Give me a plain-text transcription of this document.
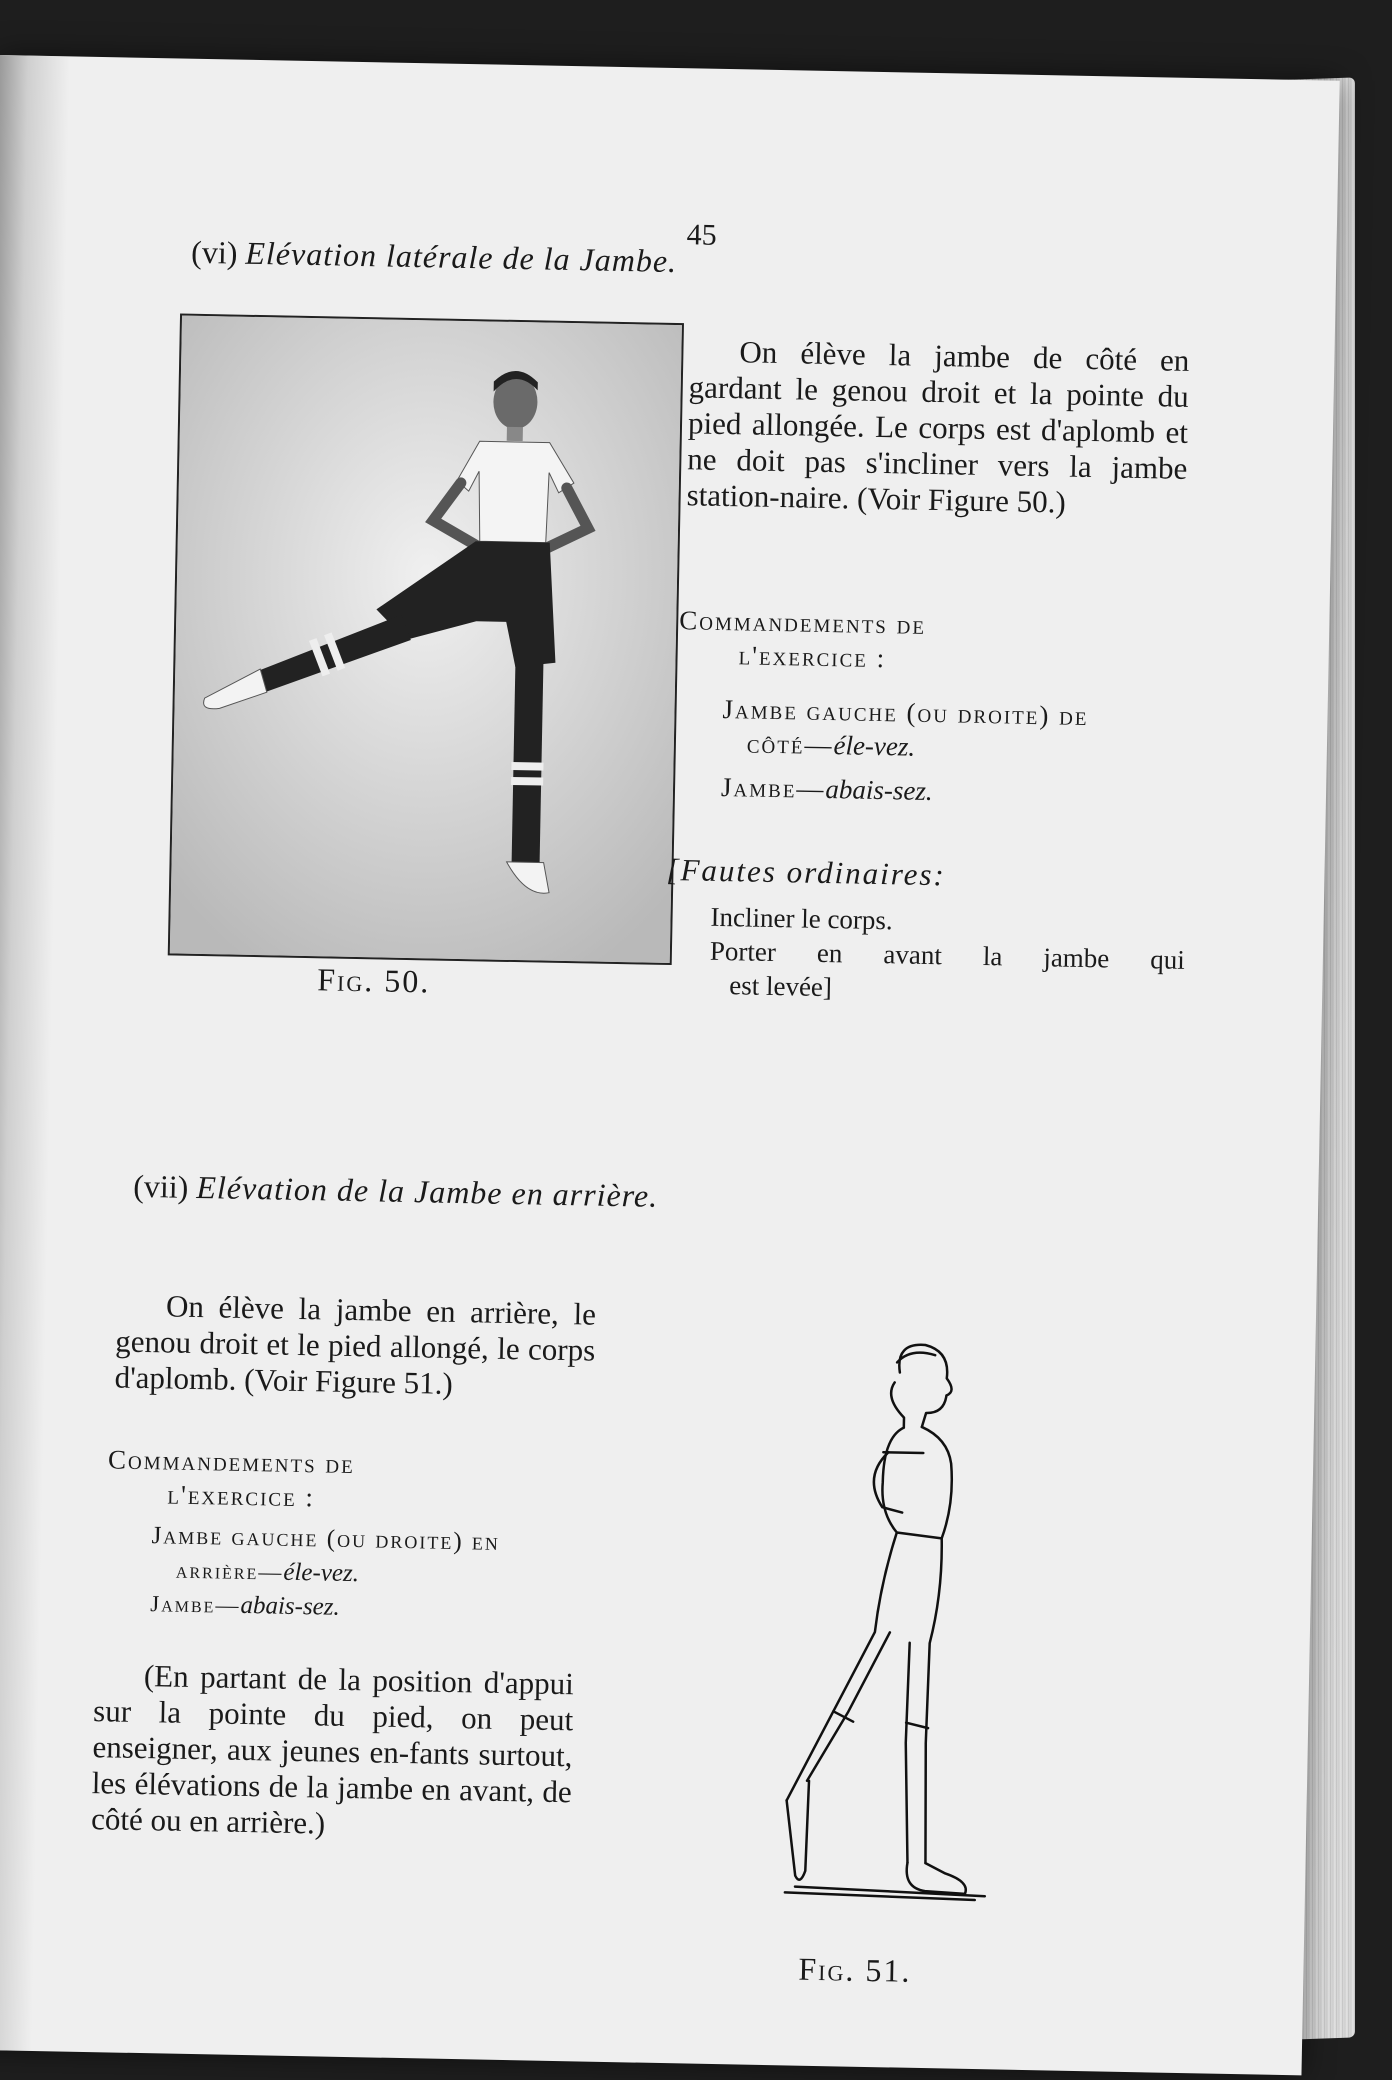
45
(vi) Elévation latérale de la Jambe.
Fig. 50.

On élève la jambe de côté en gardant le genou droit et la pointe du pied allongée. Le corps est d'aplomb et ne doit pas s'incliner vers la jambe station-naire. (Voir Figure 50.)

Commandements de

l'exercice :

Jambe gauche (ou droite) de

côté—éle-vez.

Jambe—abais-sez.

[Fautes ordinaires:

Incliner le corps.

Porter en avant la jambe qui

est levée]

(vii) Elévation de la Jambe en arrière.

On élève la jambe en arrière, le genou droit et le pied allongé, le corps d'aplomb. (Voir Figure 51.)

Commandements de

l'exercice :

Jambe gauche (ou droite) en

arrière—éle-vez.

Jambe—abais-sez.

(En partant de la position d'appui sur la pointe du pied, on peut enseigner, aux jeunes en-fants surtout, les élévations de la jambe en avant, de côté ou en arrière.)

Fig. 51.
